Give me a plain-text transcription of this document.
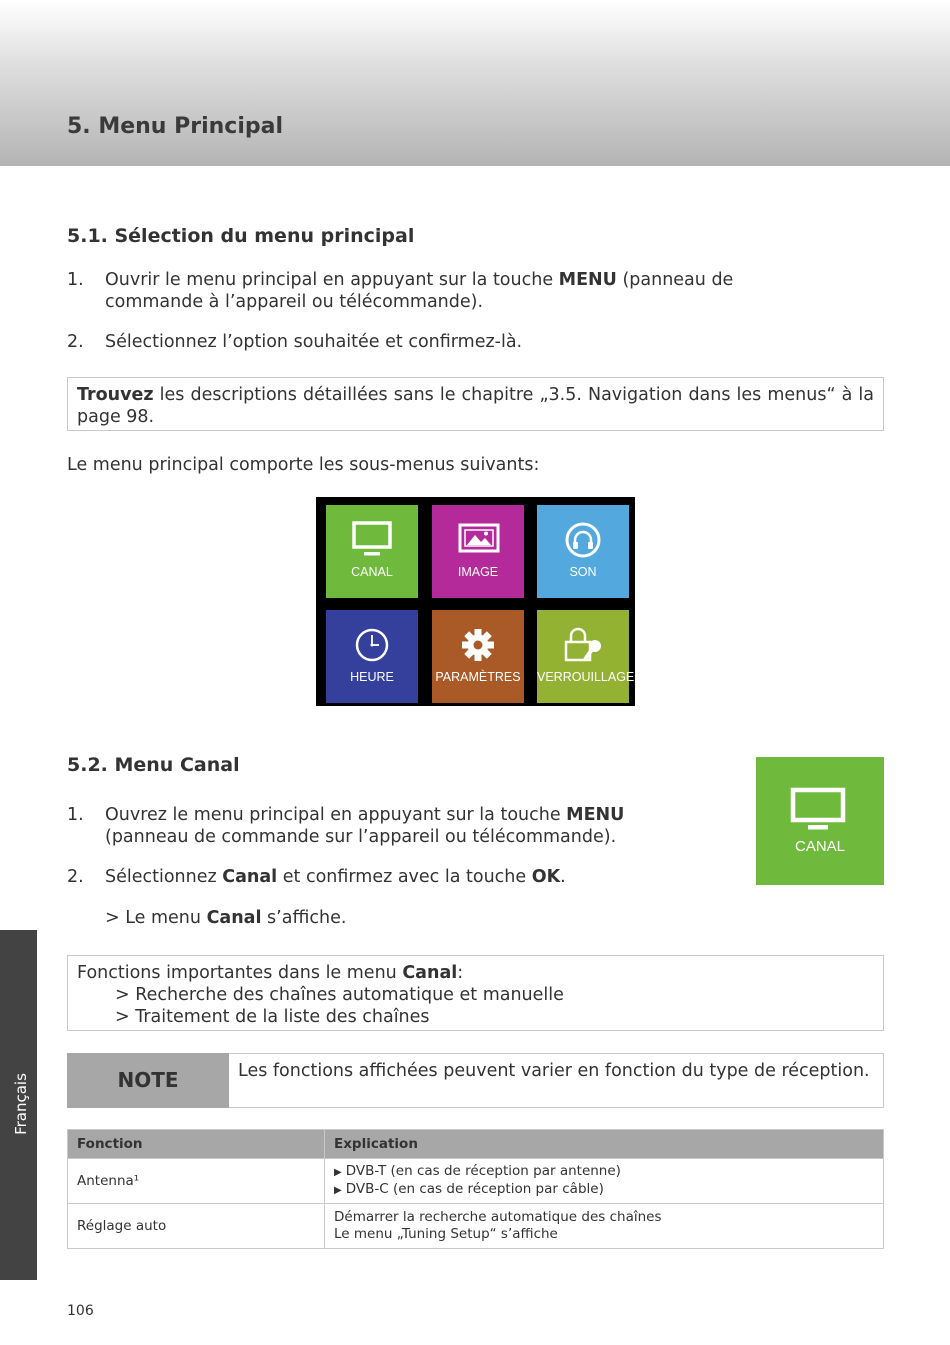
5. Menu Principal
5.1. Sélection du menu principal
1. Ouvrir le menu principal en appuyant sur la touche MENU (panneau de
commande à l’appareil ou télécommande).
2. Sélectionnez l’option souhaitée et confirmez-là.
Trouvez les descriptions détaillées sans le chapitre „3.5. Navigation dans les menus“ à la page 98.
Le menu principal comporte les sous-menus suivants:
CANAL	IMAGE	SON
HEURE	PARAMÈTRES VERROUILLAGE
5.2. Menu Canal
CANAL
1. Ouvrez le menu principal en appuyant sur la touche MENU
(panneau de commande sur l’appareil ou télécommande).
2. Sélectionnez Canal et confirmez avec la touche OK.
> Le menu Canal s’affiche.
Fonctions importantes dans le menu Canal:
> Recherche des chaînes automatique et manuelle
> Traitement de la liste des chaînes
NOTE	Les fonctions affichées peuvent varier en fonction du type de réception.
Fonction	Explication
Antenna¹	▶ DVB-T (en cas de réception par antenne)
▶ DVB-C (en cas de réception par câble)

Réglage auto	Démarrer la recherche automatique des chaînes
Le menu „Tuning Setup“ s’affiche
Français
106
